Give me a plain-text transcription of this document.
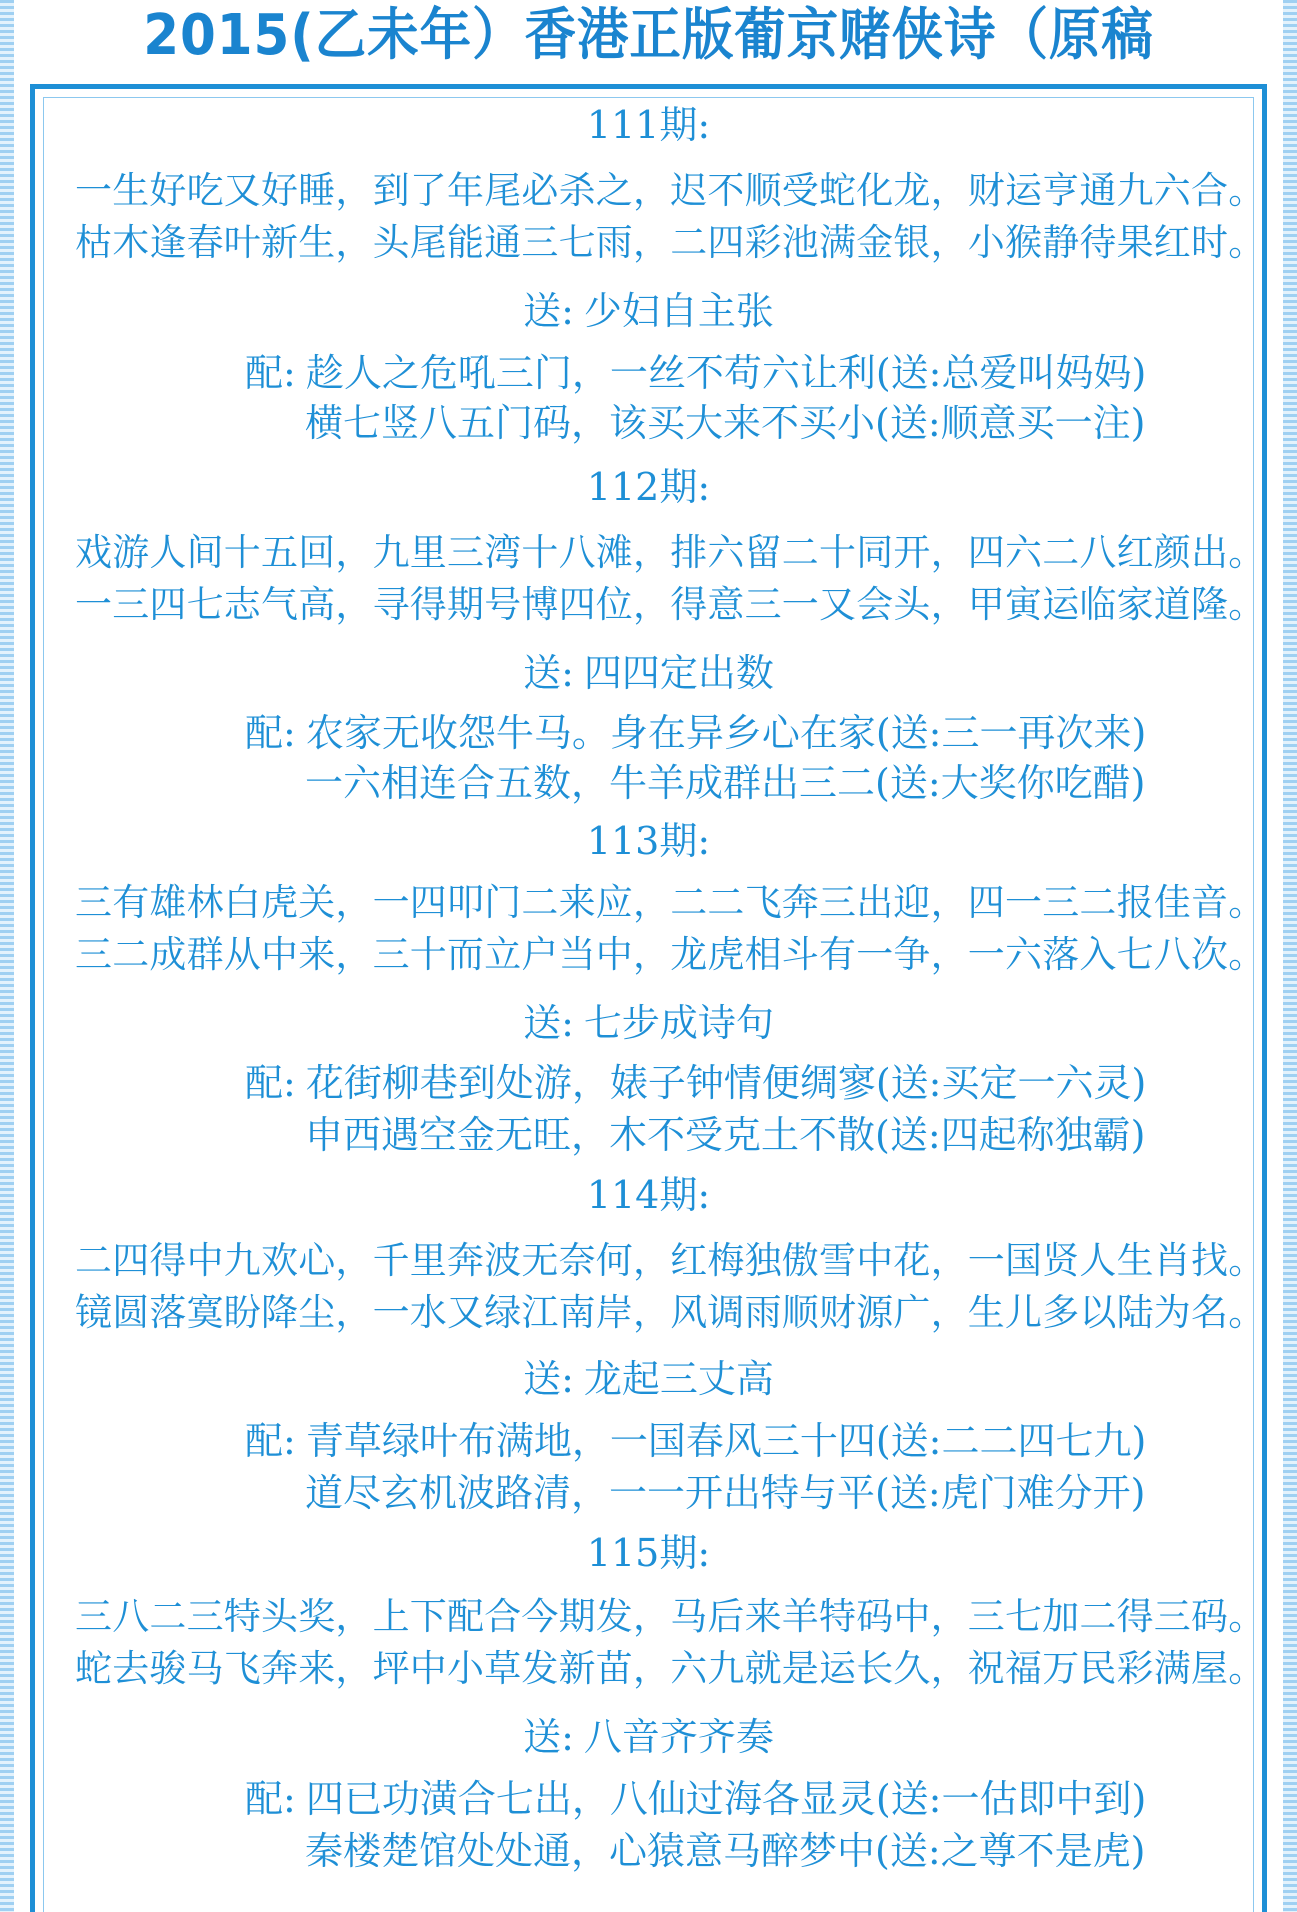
2015(乙未年）香港正版葡京赌侠诗（原稿
111期:
一生好吃又好睡，到了年尾必杀之，迟不顺受蛇化龙，财运亨通九六合。
枯木逢春叶新生，头尾能通三七雨，二四彩池满金银，小猴静待果红时。
送: 少妇自主张
配: 趁人之危吼三门，一丝不苟六让利(送:总爱叫妈妈)
横七竖八五门码，该买大来不买小(送:顺意买一注)
112期:
戏游人间十五回，九里三湾十八滩，排六留二十同开，四六二八红颜出。
一三四七志气高，寻得期号博四位，得意三一又会头，甲寅运临家道隆。
送: 四四定出数
配: 农家无收怨牛马。身在异乡心在家(送:三一再次来)
一六相连合五数，牛羊成群出三二(送:大奖你吃醋)
113期:
三有雄林白虎关，一四叩门二来应，二二飞奔三出迎，四一三二报佳音。
三二成群从中来，三十而立户当中，龙虎相斗有一争，一六落入七八次。
送: 七步成诗句
配: 花街柳巷到处游，婊子钟情便绸寥(送:买定一六灵)
申西遇空金无旺，木不受克土不散(送:四起称独霸)
114期:
二四得中九欢心，千里奔波无奈何，红梅独傲雪中花，一国贤人生肖找。
镜圆落寞盼降尘，一水又绿江南岸，风调雨顺财源广，生儿多以陆为名。
送: 龙起三丈高
配: 青草绿叶布满地，一国春风三十四(送:二二四七九)
道尽玄机波路清，一一开出特与平(送:虎门难分开)
115期:
三八二三特头奖，上下配合今期发，马后来羊特码中，三七加二得三码。
蛇去骏马飞奔来，坪中小草发新苗，六九就是运长久，祝福万民彩满屋。
送: 八音齐齐奏
配: 四已功潢合七出，八仙过海各显灵(送:一估即中到)
秦楼楚馆处处通，心猿意马醉梦中(送:之尊不是虎)
